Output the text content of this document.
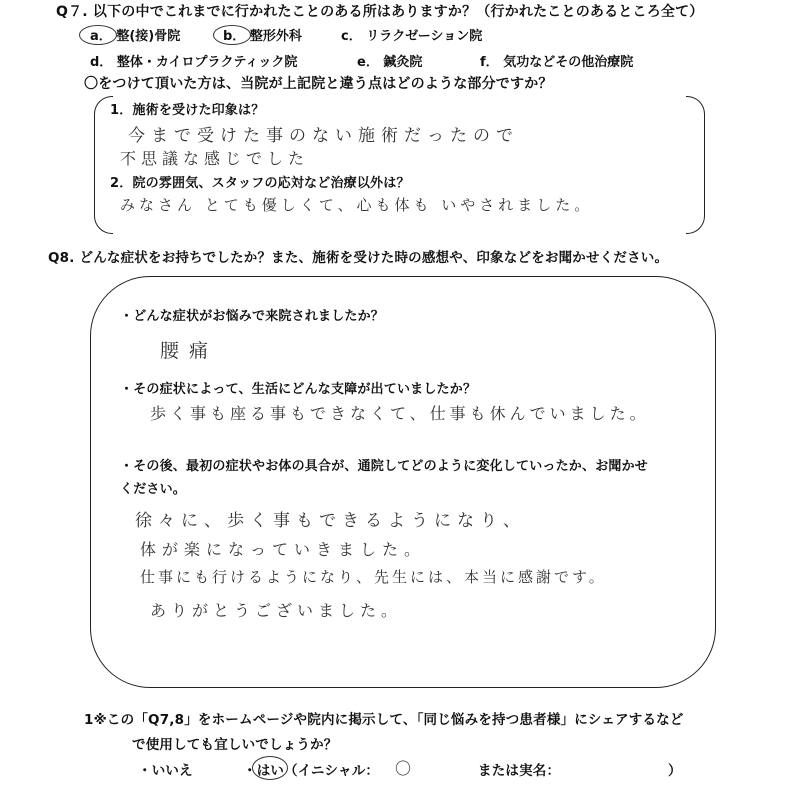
Q７. 以下の中でこれまでに行かれたことのある所はありますか？（行かれたことのあるところ全て）
a． 整(接)骨院	b． 整形外科	c． リラクゼーション院
d． 整体・カイロプラクティック院	e． 鍼灸院	f． 気功などその他治療院
〇をつけて頂いた方は、当院が上記院と違う点はどのような部分ですか？
1．施術を受けた印象は？
今まで受けた事のない施術だったので
不思議な感じでした
2．院の雰囲気、スタッフの応対など治療以外は？
みなさん とても優しくて、心も体も いやされました。
Q8. どんな症状をお持ちでしたか？また、施術を受けた時の感想や、印象などをお聞かせください。
・どんな症状がお悩みで来院されましたか？
腰痛
・その症状によって、生活にどんな支障が出ていましたか？
歩く事も座る事もできなくて、仕事も休んでいました。
・その後、最初の症状やお体の具合が、通院してどのように変化していったか、お聞かせ
ください。
徐々に、歩く事もできるようになり、
体が楽になっていきました。
仕事にも行けるようになり、先生には、本当に感謝です。
ありがとうございました。
1※この「Q7,8」をホームページや院内に掲示して、「同じ悩みを持つ患者様」にシェアするなど
で使用しても宜しいでしょうか？
・いいえ	・はい （イニシャル： 〇	または実名：	）
